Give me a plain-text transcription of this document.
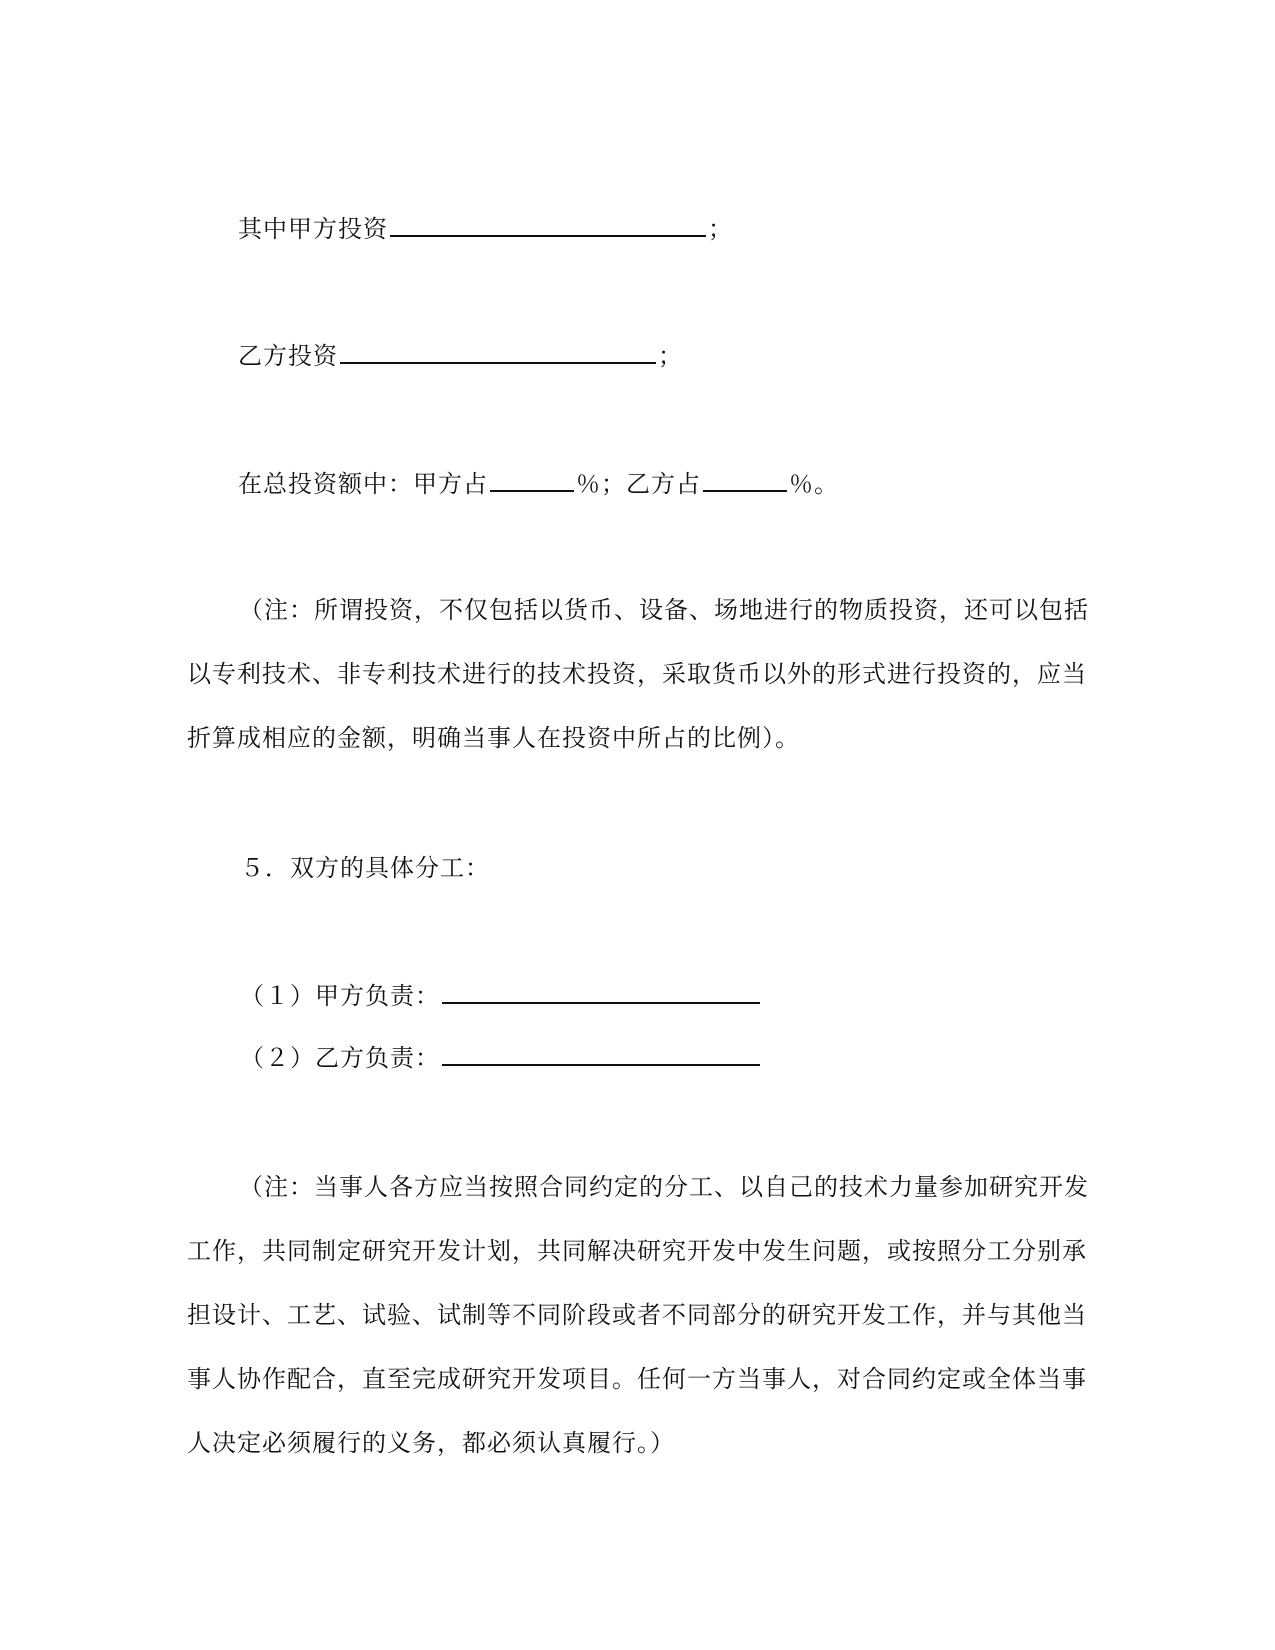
其中甲方投资	；
乙方投资	；
在总投资额中：甲方占	％；乙方占	％。
（注：所谓投资，不仅包括以货币、设备、场地进行的物质投资，还可以包括
以专利技术、非专利技术进行的技术投资，采取货币以外的形式进行投资的，应当
折算成相应的金额，明确当事人在投资中所占的比例）。
５．双方的具体分工：
（１）甲方负责：
（２）乙方负责：
（注：当事人各方应当按照合同约定的分工、以自己的技术力量参加研究开发
工作，共同制定研究开发计划，共同解决研究开发中发生问题，或按照分工分别承
担设计、工艺、试验、试制等不同阶段或者不同部分的研究开发工作，并与其他当
事人协作配合，直至完成研究开发项目。任何一方当事人，对合同约定或全体当事
人决定必须履行的义务，都必须认真履行。）
